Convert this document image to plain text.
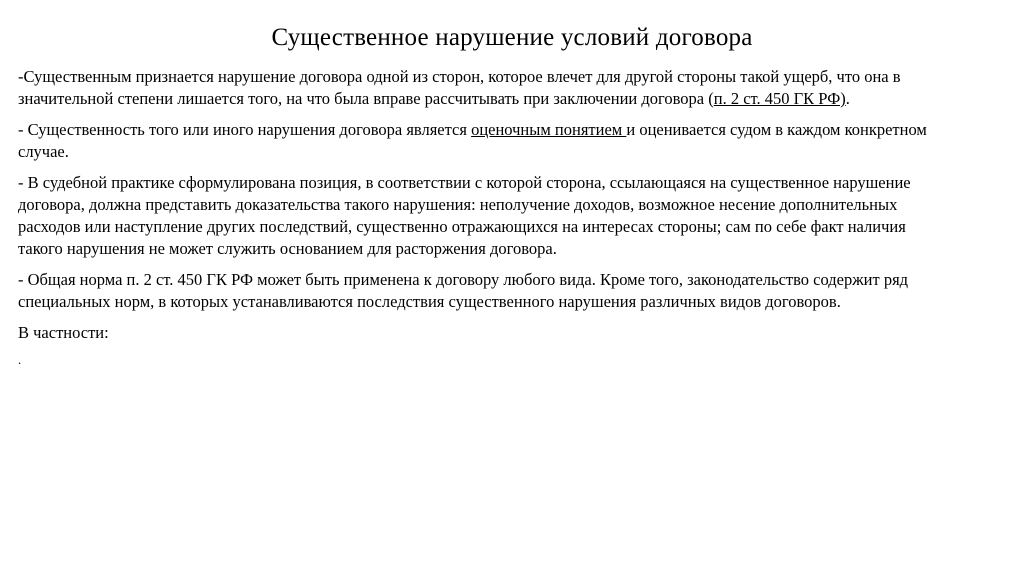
Существенное нарушение условий договора

-Существенным признается нарушение договора одной из сторон, которое влечет для другой стороны такой ущерб, что она в значительной степени лишается того, на что была вправе рассчитывать при заключении договора (п. 2 ст. 450 ГК РФ).

- Существенность того или иного нарушения договора является оценочным понятием и оценивается судом в каждом конкретном случае.

- В судебной практике сформулирована позиция, в соответствии с которой сторона, ссылающаяся на существенное нарушение договора, должна представить доказательства такого нарушения: неполучение доходов, возможное несение дополнительных расходов или наступление других последствий, существенно отражающихся на интересах стороны; сам по себе факт наличия такого нарушения не может служить основанием для расторжения договора.

- Общая норма п. 2 ст. 450 ГК РФ может быть применена к договору любого вида. Кроме того, законодательство содержит ряд специальных норм, в которых устанавливаются последствия существенного нарушения различных видов договоров.

В частности:

.
